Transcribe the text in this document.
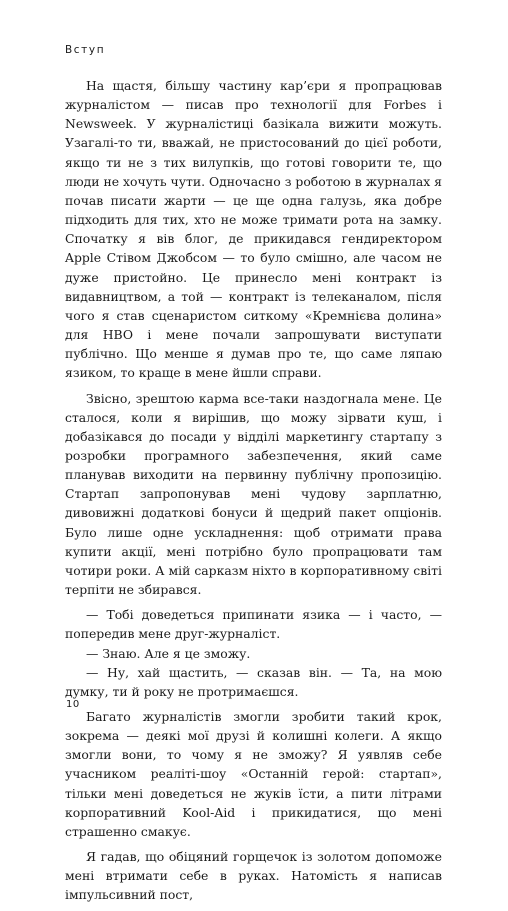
Вступ

На щастя, більшу частину кар’єри я пропрацював журналістом — писав про технології для Forbes і Newsweek. У журналістиці базікала вижити можуть. Узагалі-то ти, вважай, не пристосований до цієї роботи, якщо ти не з тих вилупків, що готові говорити те, що люди не хочуть чути. Одночасно з роботою в журналах я почав писати жарти — це ще одна галузь, яка добре підходить для тих, хто не може тримати рота на замку. Спочатку я вів блог, де прикидався гендиректором Apple Стівом Джобсом — то було смішно, але часом не дуже пристойно. Це принесло мені контракт із видавництвом, а той — контракт із телеканалом, після чого я став сценаристом ситкому «Кремнієва долина» для HBO і мене почали запрошувати виступати публічно. Що менше я думав про те, що саме ляпаю язиком, то краще в мене йшли справи.

Звісно, зрештою карма все-таки наздогнала мене. Це сталося, коли я вирішив, що можу зірвати куш, і добазікався до посади у відділі маркетингу стартапу з розробки програмного забезпечення, який саме планував виходити на первинну публічну пропозицію. Стартап запропонував мені чудову зарплатню, дивовижні додаткові бонуси й щедрий пакет опціонів. Було лише одне ускладнення: щоб отримати права купити акції, мені потрібно було пропрацювати там чотири роки. А мій сарказм ніхто в корпоративному світі терпіти не збирався.

— Тобі доведеться припинати язика — і часто, — попередив мене друг-журналіст.

— Знаю. Але я це зможу.

— Ну, хай щастить, — сказав він. — Та, на мою думку, ти й року не протримаєшся.

Багато журналістів змогли зробити такий крок, зокрема — деякі мої друзі й колишні колеги. А якщо змогли вони, то чому я не зможу? Я уявляв себе учасником реаліті-шоу «Останній герой: стартап», тільки мені доведеться не жуків їсти, а пити літрами корпоративний Kool-Aid і прикидатися, що мені страшенно смакує.

Я гадав, що обіцяний горщечок із золотом допоможе мені втримати себе в руках. Натомість я написав імпульсивний пост,

10
